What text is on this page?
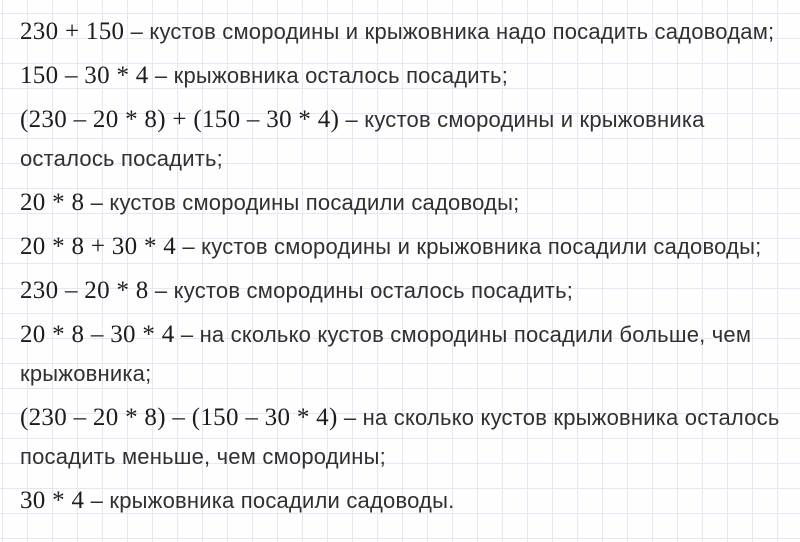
230 + 150 – кустов смородины и крыжовника надо посадить садоводам;

150 – 30 * 4 – крыжовника осталось посадить;

(230 – 20 * 8) + (150 – 30 * 4) – кустов смородины и крыжовника осталось посадить;

20 * 8 – кустов смородины посадили садоводы;

20 * 8 + 30 * 4 – кустов смородины и крыжовника посадили садоводы;

230 – 20 * 8 – кустов смородины осталось посадить;

20 * 8 – 30 * 4 – на сколько кустов смородины посадили больше, чем крыжовника;

(230 – 20 * 8) – (150 – 30 * 4) – на сколько кустов крыжовника осталось посадить меньше, чем смородины;

30 * 4 – крыжовника посадили садоводы.
